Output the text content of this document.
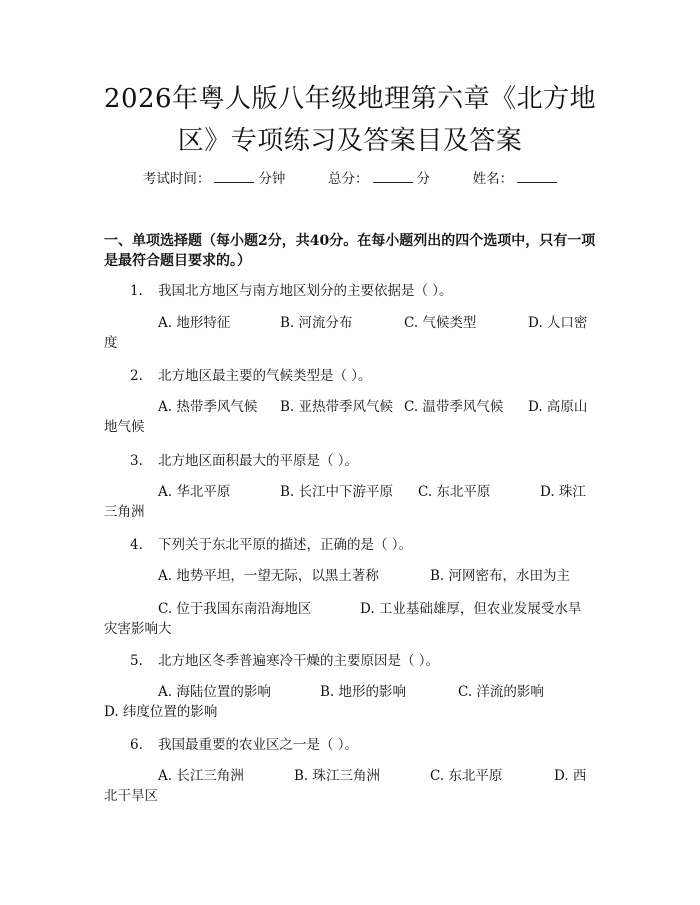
2026年粤人版八年级地理第六章《北方地
区》专项练习及答案目及答案
考试时间：	分钟	总分：	分	姓名：
一、单项选择题（每小题2分，共40分。在每小题列出的四个选项中，只有一项
是最符合题目要求的。）
1. 我国北方地区与南方地区划分的主要依据是（ ）。
A. 地形特征	B. 河流分布	C. 气候类型	D. 人口密
度
2. 北方地区最主要的气候类型是（ ）。
A. 热带季风气候 B. 亚热带季风气候 C. 温带季风气候 D. 高原山
地气候
3. 北方地区面积最大的平原是（ ）。
A. 华北平原	B. 长江中下游平原 C. 东北平原	D. 珠江
三角洲
4. 下列关于东北平原的描述，正确的是（ ）。
A. 地势平坦，一望无际，以黑土著称	B. 河网密布，水田为主
C. 位于我国东南沿海地区	D. 工业基础雄厚，但农业发展受水旱
灾害影响大
5. 北方地区冬季普遍寒冷干燥的主要原因是（ ）。
A. 海陆位置的影响	B. 地形的影响	C. 洋流的影响
D. 纬度位置的影响
6. 我国最重要的农业区之一是（ ）。
A. 长江三角洲	B. 珠江三角洲	C. 东北平原	D. 西
北干旱区
